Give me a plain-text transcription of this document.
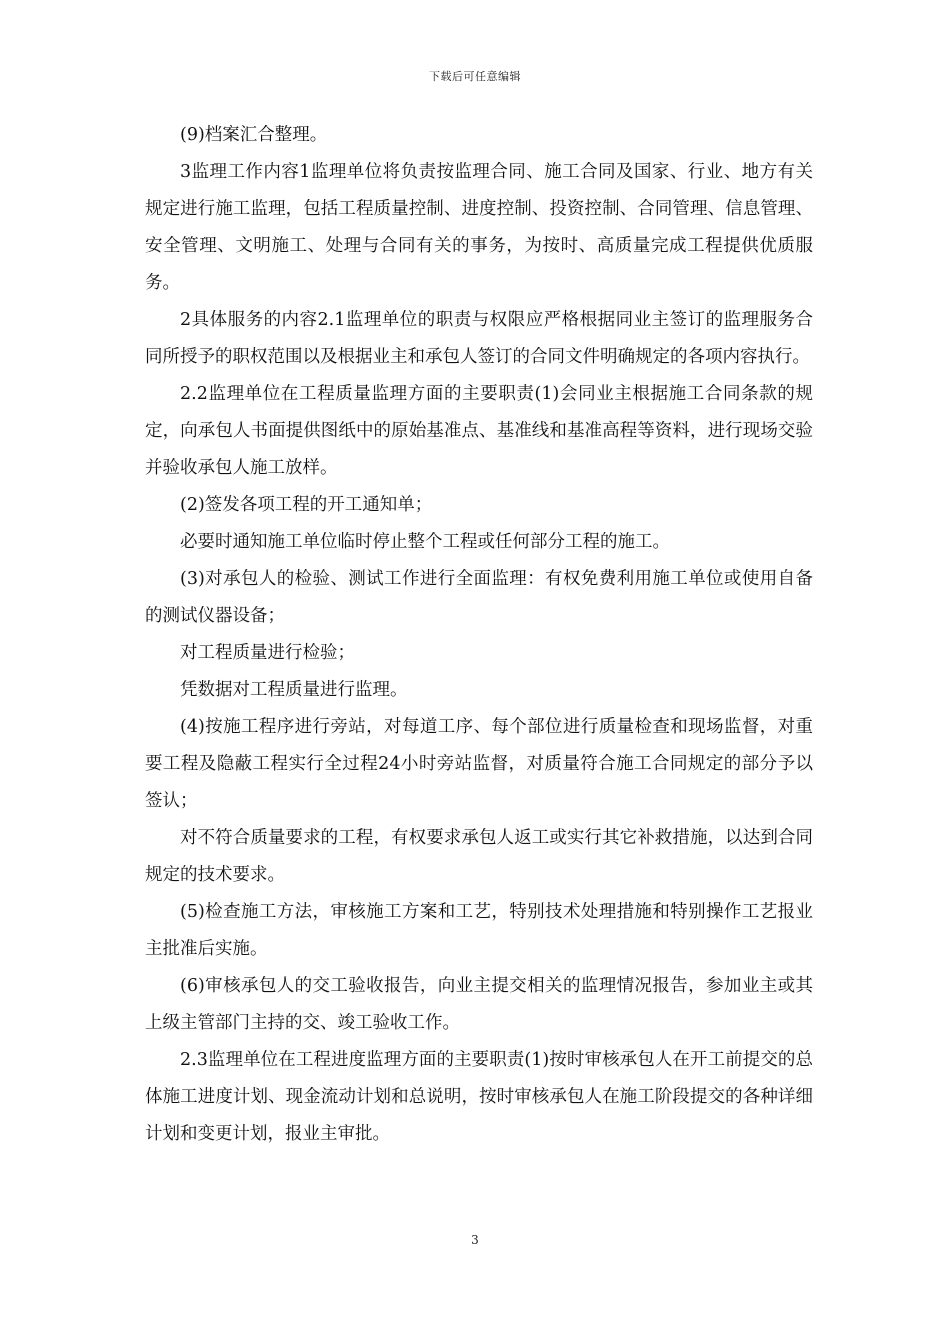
下载后可任意编辑

(9)档案汇合整理。

3监理工作内容1监理单位将负责按监理合同、施工合同及国家、行业、地方有关规定进行施工监理，包括工程质量控制、进度控制、投资控制、合同管理、信息管理、安全管理、文明施工、处理与合同有关的事务，为按时、高质量完成工程提供优质服务。

2具体服务的内容2.1监理单位的职责与权限应严格根据同业主签订的监理服务合同所授予的职权范围以及根据业主和承包人签订的合同文件明确规定的各项内容执行。

2.2监理单位在工程质量监理方面的主要职责(1)会同业主根据施工合同条款的规定，向承包人书面提供图纸中的原始基准点、基准线和基准高程等资料，进行现场交验并验收承包人施工放样。

(2)签发各项工程的开工通知单；

必要时通知施工单位临时停止整个工程或任何部分工程的施工。

(3)对承包人的检验、测试工作进行全面监理：有权免费利用施工单位或使用自备的测试仪器设备；

对工程质量进行检验；

凭数据对工程质量进行监理。

(4)按施工程序进行旁站，对每道工序、每个部位进行质量检查和现场监督，对重要工程及隐蔽工程实行全过程24小时旁站监督，对质量符合施工合同规定的部分予以签认；

对不符合质量要求的工程，有权要求承包人返工或实行其它补救措施，以达到合同规定的技术要求。

(5)检查施工方法，审核施工方案和工艺，特别技术处理措施和特别操作工艺报业主批准后实施。

(6)审核承包人的交工验收报告，向业主提交相关的监理情况报告，参加业主或其上级主管部门主持的交、竣工验收工作。

2.3监理单位在工程进度监理方面的主要职责(1)按时审核承包人在开工前提交的总体施工进度计划、现金流动计划和总说明，按时审核承包人在施工阶段提交的各种详细计划和变更计划，报业主审批。

3
